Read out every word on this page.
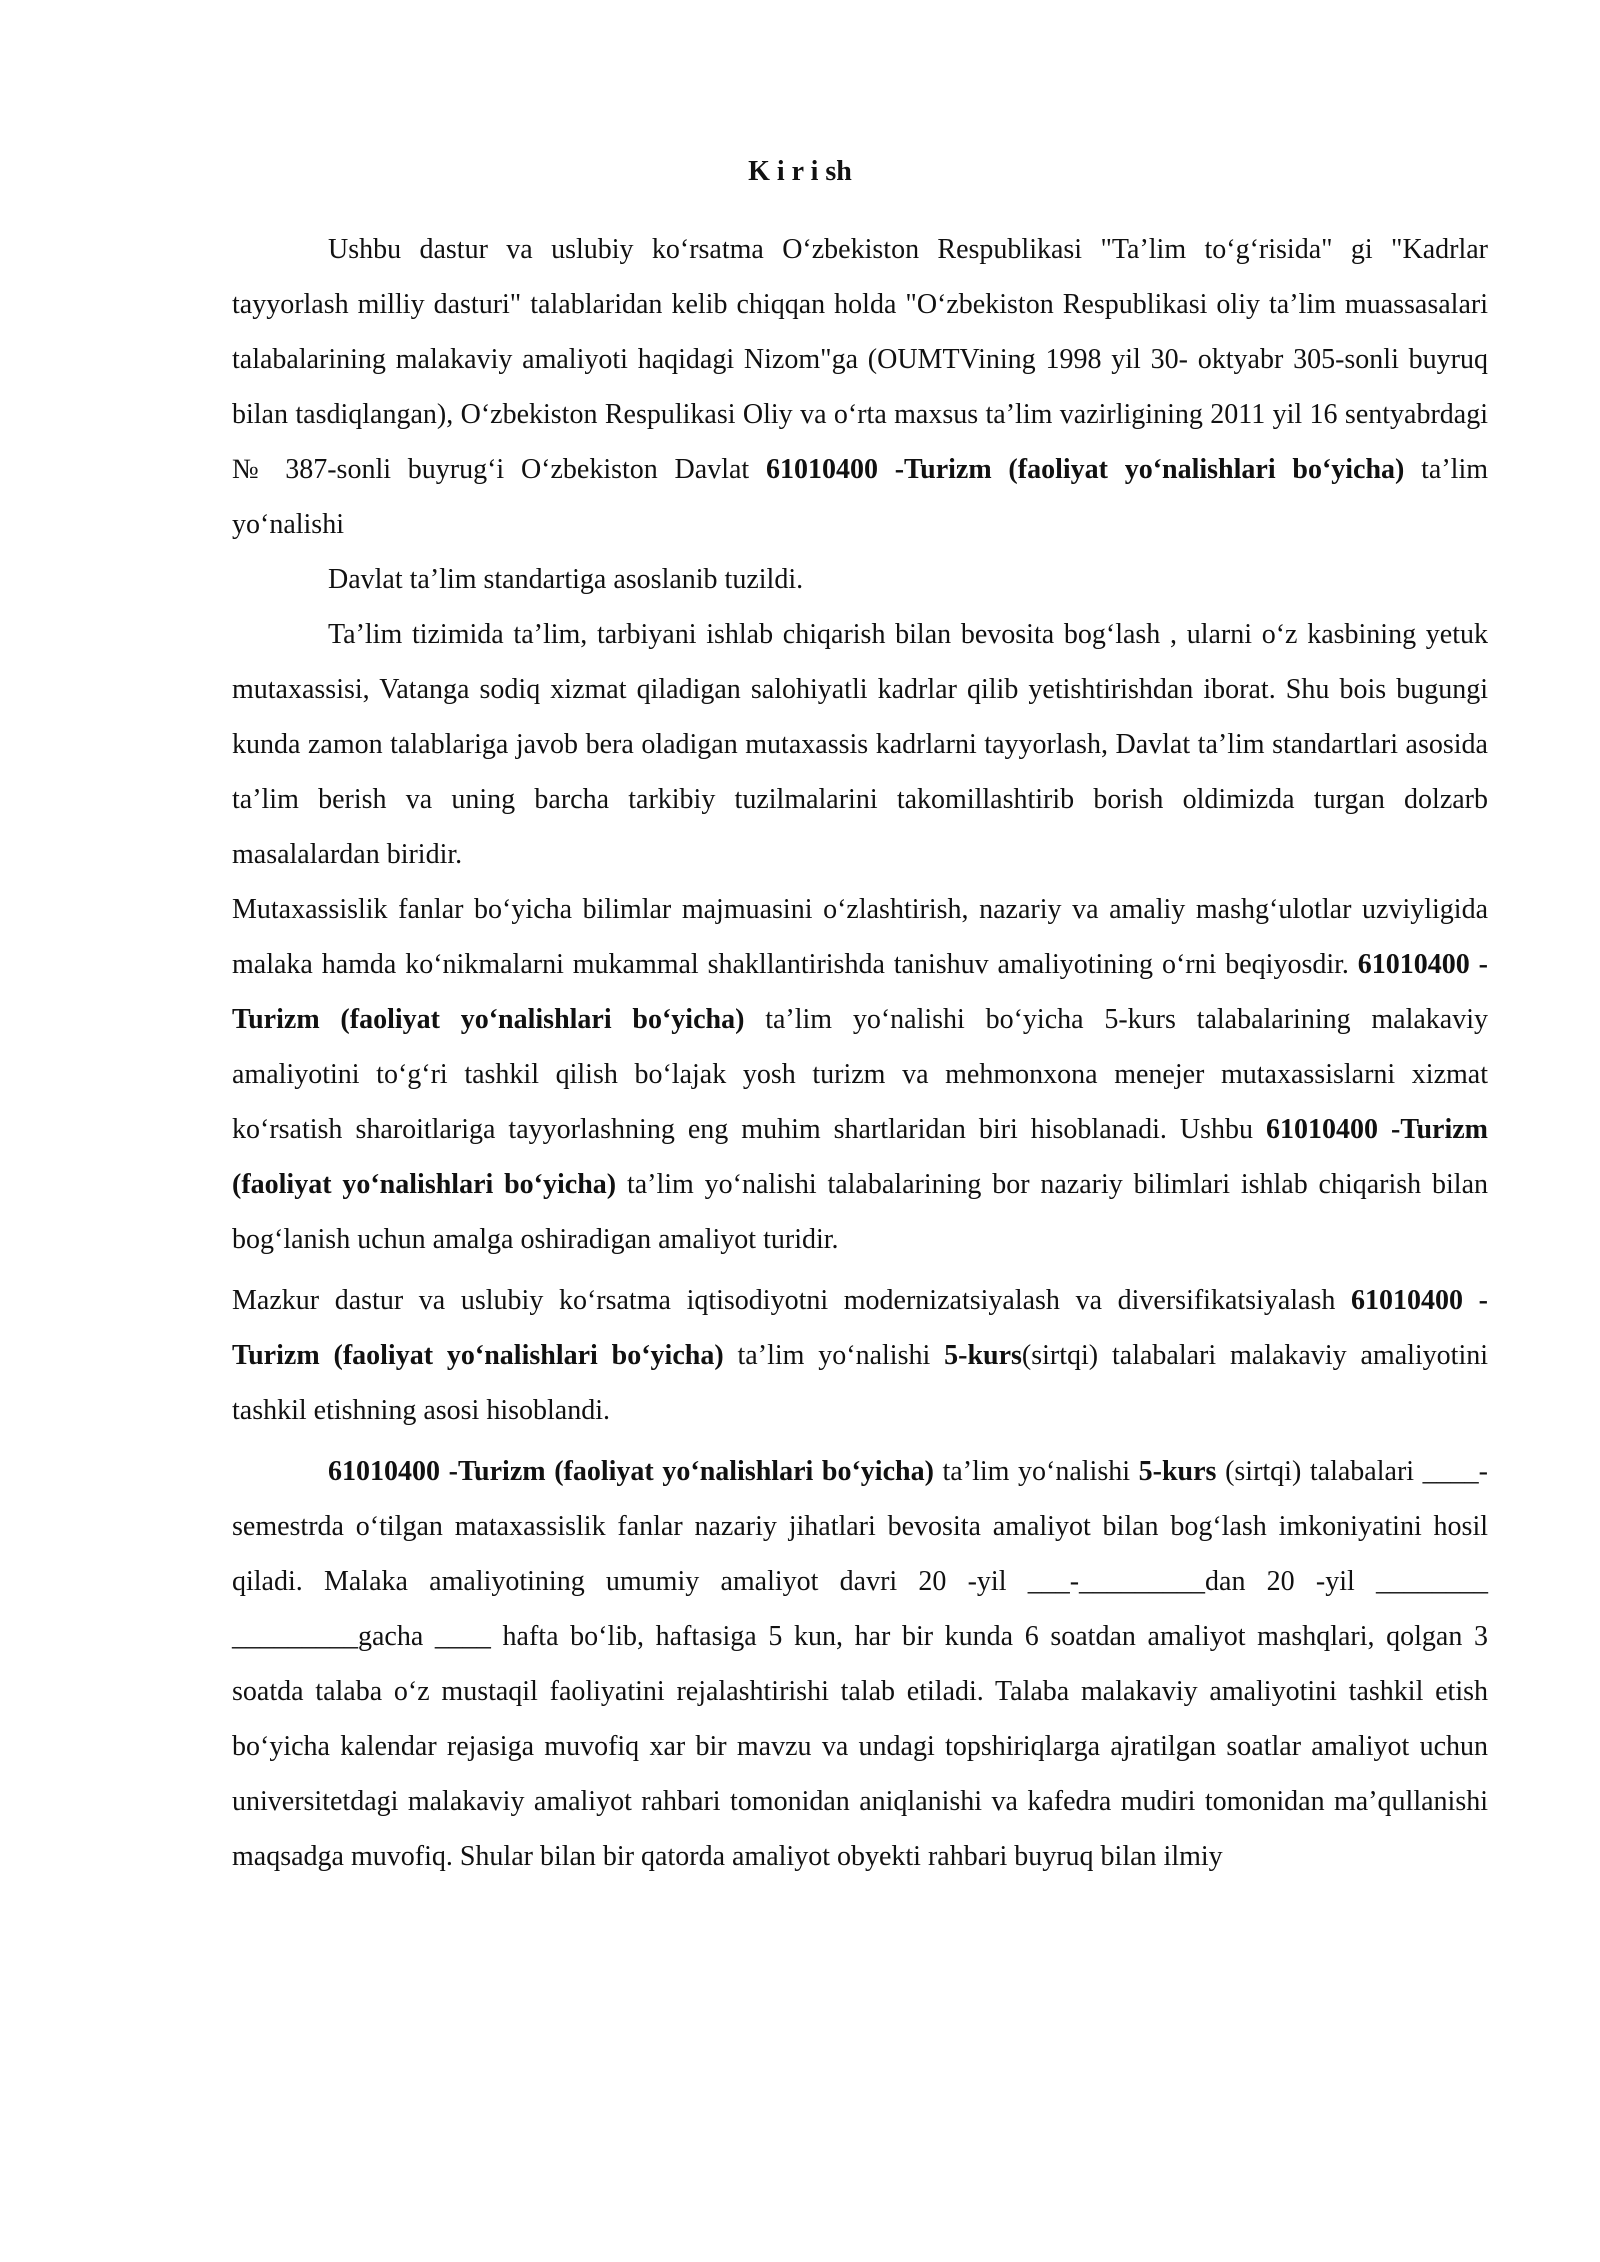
K i r i sh

Ushbu dastur va uslubiy ko‘rsatma O‘zbekiston Respublikasi "Ta’lim to‘g‘risida" gi "Kadrlar tayyorlash milliy dasturi" talablaridan kelib chiqqan holda "O‘zbekiston Respublikasi oliy ta’lim muassasalari talabalarining malakaviy amaliyoti haqidagi Nizom"ga (OUMTVining 1998 yil 30- oktyabr 305-sonli buyruq bilan tasdiqlangan), O‘zbekiston Respulikasi Oliy va o‘rta maxsus ta’lim vazirligining 2011 yil 16 sentyabrdagi № 387-sonli buyrug‘i O‘zbekiston Davlat 61010400 -Turizm (faoliyat yo‘nalishlari bo‘yicha) ta’lim yo‘nalishi

Davlat ta’lim standartiga asoslanib tuzildi.

Ta’lim tizimida ta’lim, tarbiyani ishlab chiqarish bilan bevosita bog‘lash , ularni o‘z kasbining yetuk mutaxassisi, Vatanga sodiq xizmat qiladigan salohiyatli kadrlar qilib yetishtirishdan iborat. Shu bois bugungi kunda zamon talablariga javob bera oladigan mutaxassis kadrlarni tayyorlash, Davlat ta’lim standartlari asosida ta’lim berish va uning barcha tarkibiy tuzilmalarini takomillashtirib borish oldimizda turgan dolzarb masalalardan biridir.

Mutaxassislik fanlar bo‘yicha bilimlar majmuasini o‘zlashtirish, nazariy va amaliy mashg‘ulotlar uzviyligida malaka hamda ko‘nikmalarni mukammal shakllantirishda tanishuv amaliyotining o‘rni beqiyosdir. 61010400 -Turizm (faoliyat yo‘nalishlari bo‘yicha) ta’lim yo‘nalishi bo‘yicha 5-kurs talabalarining malakaviy amaliyotini to‘g‘ri tashkil qilish bo‘lajak yosh turizm va mehmonxona menejer mutaxassislarni xizmat ko‘rsatish sharoitlariga tayyorlashning eng muhim shartlaridan biri hisoblanadi. Ushbu 61010400 -Turizm (faoliyat yo‘nalishlari bo‘yicha) ta’lim yo‘nalishi talabalarining bor nazariy bilimlari ishlab chiqarish bilan bog‘lanish uchun amalga oshiradigan amaliyot turidir.

Mazkur dastur va uslubiy ko‘rsatma iqtisodiyotni modernizatsiyalash va diversifikatsiyalash 61010400 -Turizm (faoliyat yo‘nalishlari bo‘yicha) ta’lim yo‘nalishi 5-kurs(sirtqi) talabalari malakaviy amaliyotini tashkil etishning asosi hisoblandi.

61010400 -Turizm (faoliyat yo‘nalishlari bo‘yicha) ta’lim yo‘nalishi 5-kurs (sirtqi) talabalari ____-semestrda o‘tilgan mataxassislik fanlar nazariy jihatlari bevosita amaliyot bilan bog‘lash imkoniyatini hosil qiladi. Malaka amaliyotining umumiy amaliyot davri 20 -yil ___-_________dan 20 -yil ________ _________gacha ____ hafta bo‘lib, haftasiga 5 kun, har bir kunda 6 soatdan amaliyot mashqlari, qolgan 3 soatda talaba o‘z mustaqil faoliyatini rejalashtirishi talab etiladi. Talaba malakaviy amaliyotini tashkil etish bo‘yicha kalendar rejasiga muvofiq xar bir mavzu va undagi topshiriqlarga ajratilgan soatlar amaliyot uchun universitetdagi malakaviy amaliyot rahbari tomonidan aniqlanishi va kafedra mudiri tomonidan ma’qullanishi maqsadga muvofiq. Shular bilan bir qatorda amaliyot obyekti rahbari buyruq bilan ilmiy
